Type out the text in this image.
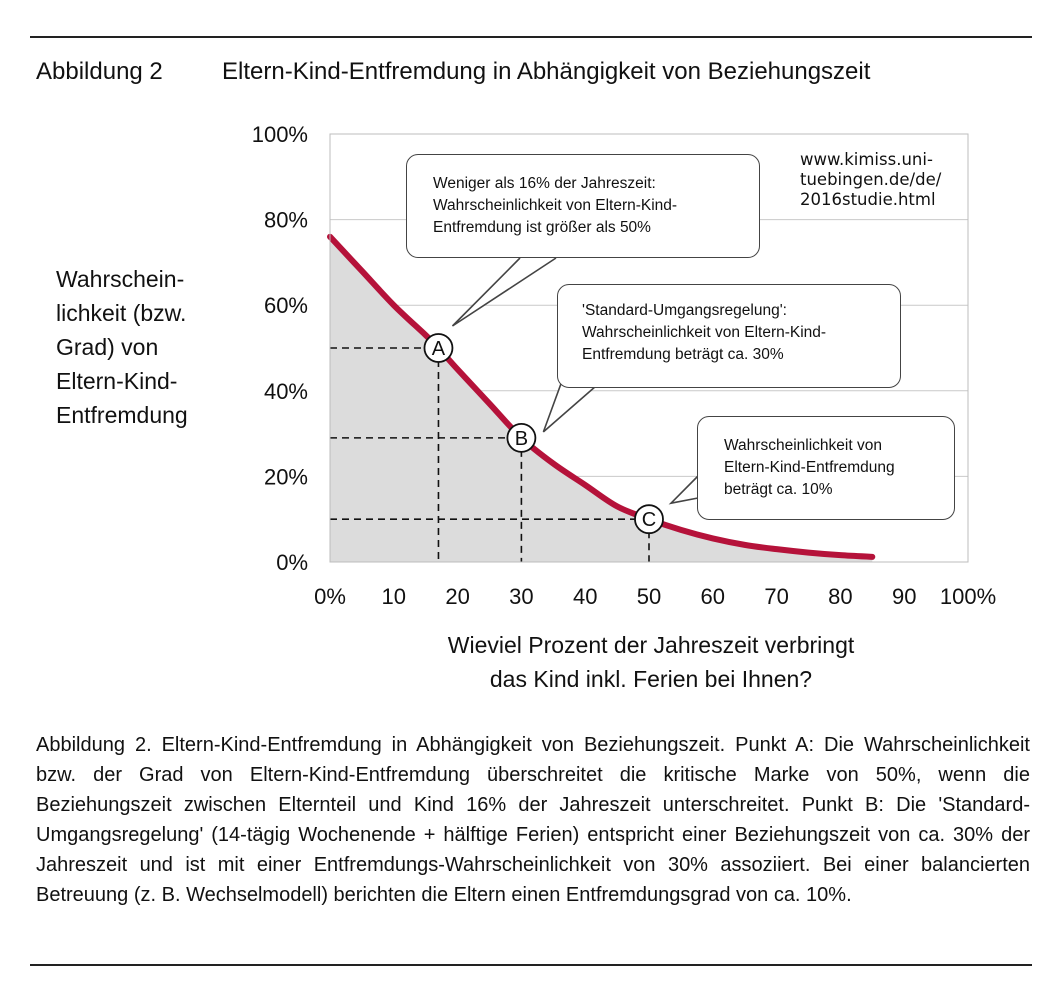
Abbildung 2 Eltern-Kind-Entfremdung in Abhängigkeit von Beziehungszeit
Wahrschein-
lichkeit (bzw.
Grad) von
Eltern-Kind-
Entfremdung
0%
20%
40%
60%
80%
100%
0% 10 20 30 40 50 60 70 80 90 100%
A
B
C
Weniger als 16% der Jahreszeit:
Wahrscheinlichkeit von Eltern-Kind-
Entfremdung ist größer als 50%
'Standard-Umgangsregelung':
Wahrscheinlichkeit von Eltern-Kind-
Entfremdung beträgt ca. 30%
Wahrscheinlichkeit von
Eltern-Kind-Entfremdung
beträgt ca. 10%
www.kimiss.uni-
tuebingen.de/de/
2016studie.html
Wieviel Prozent der Jahreszeit verbringt
das Kind inkl. Ferien bei Ihnen?

Abbildung 2. Eltern-Kind-Entfremdung in Abhängigkeit von Beziehungszeit. Punkt A: Die Wahrscheinlichkeit bzw. der Grad von Eltern-Kind-Entfremdung überschreitet die kritische Marke von 50%, wenn die Beziehungszeit zwischen Elternteil und Kind 16% der Jahreszeit unterschreitet. Punkt B: Die 'Standard-Umgangsregelung' (14-tägig Wochenende + hälftige Ferien) entspricht einer Beziehungszeit von ca. 30% der Jahreszeit und ist mit einer Entfremdungs-Wahrscheinlichkeit von 30% assoziiert. Bei einer balancierten Betreuung (z. B. Wechselmodell) berichten die Eltern einen Entfremdungsgrad von ca. 10%.
